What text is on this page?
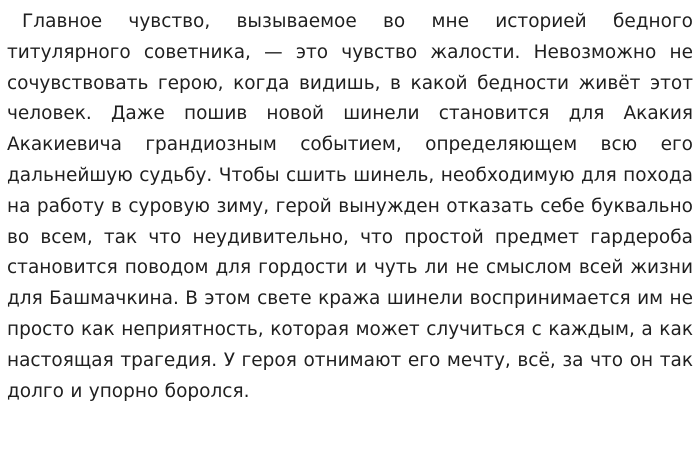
Главное чувство, вызываемое во мне историей бедного титулярного советника, — это чувство жалости. Невозможно не сочувствовать герою, когда видишь, в какой бедности живёт этот человек. Даже пошив новой шинели становится для Акакия Акакиевича грандиозным событием, определяющем всю его дальнейшую судьбу. Чтобы сшить шинель, необходимую для похода на работу в суровую зиму, герой вынужден отказать себе буквально во всем, так что неудивительно, что простой предмет гардероба становится поводом для гордости и чуть ли не смыслом всей жизни для Башмачкина. В этом свете кража шинели воспринимается им не просто как неприятность, которая может случиться с каждым, а как настоящая трагедия. У героя отнимают его мечту, всё, за что он так долго и упорно боролся.
